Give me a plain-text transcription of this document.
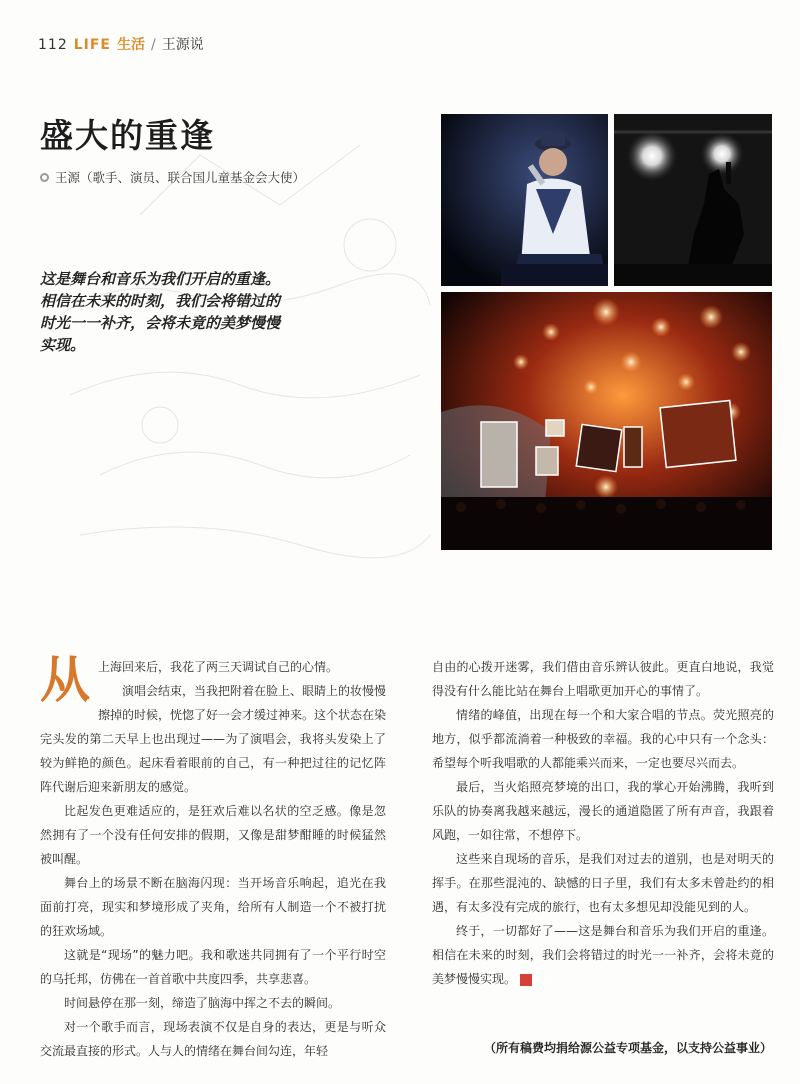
112 LIFE 生活 / 王源说
盛大的重逢
王源（歌手、演员、联合国儿童基金会大使）
这是舞台和音乐为我们开启的重逢。相信在未来的时刻，我们会将错过的时光一一补齐，会将未竟的美梦慢慢实现。
从 上海回来后，我花了两三天调试自己的心情。

演唱会结束，当我把附着在脸上、眼睛上的妆慢慢擦掉的时候，恍惚了好一会才缓过神来。这个状态在染完头发的第二天早上也出现过——为了演唱会，我将头发染上了较为鲜艳的颜色。起床看着眼前的自己，有一种把过往的记忆阵阵代谢后迎来新朋友的感觉。

比起发色更难适应的，是狂欢后难以名状的空乏感。像是忽然拥有了一个没有任何安排的假期，又像是甜梦酣睡的时候猛然被叫醒。

舞台上的场景不断在脑海闪现：当开场音乐响起，追光在我面前打亮，现实和梦境形成了夹角，给所有人制造一个不被打扰的狂欢场域。

这就是“现场”的魅力吧。我和歌迷共同拥有了一个平行时空的乌托邦，仿佛在一首首歌中共度四季，共享悲喜。

时间悬停在那一刻，缔造了脑海中挥之不去的瞬间。

对一个歌手而言，现场表演不仅是自身的表达，更是与听众交流最直接的形式。人与人的情绪在舞台间勾连，年轻

自由的心拨开迷雾，我们借由音乐辨认彼此。更直白地说，我觉得没有什么能比站在舞台上唱歌更加开心的事情了。

情绪的峰值，出现在每一个和大家合唱的节点。荧光照亮的地方，似乎都流淌着一种极致的幸福。我的心中只有一个念头：希望每个听我唱歌的人都能乘兴而来，一定也要尽兴而去。

最后，当火焰照亮梦境的出口，我的掌心开始沸腾，我听到乐队的协奏离我越来越远，漫长的通道隐匿了所有声音，我跟着风跑，一如往常，不想停下。

这些来自现场的音乐，是我们对过去的道别，也是对明天的挥手。在那些混沌的、缺憾的日子里，我们有太多未曾赴约的相遇，有太多没有完成的旅行，也有太多想见却没能见到的人。

终于，一切都好了——这是舞台和音乐为我们开启的重逢。相信在未来的时刻，我们会将错过的时光一一补齐，会将未竟的美梦慢慢实现。	G

（所有稿费均捐给源公益专项基金，以支持公益事业）
